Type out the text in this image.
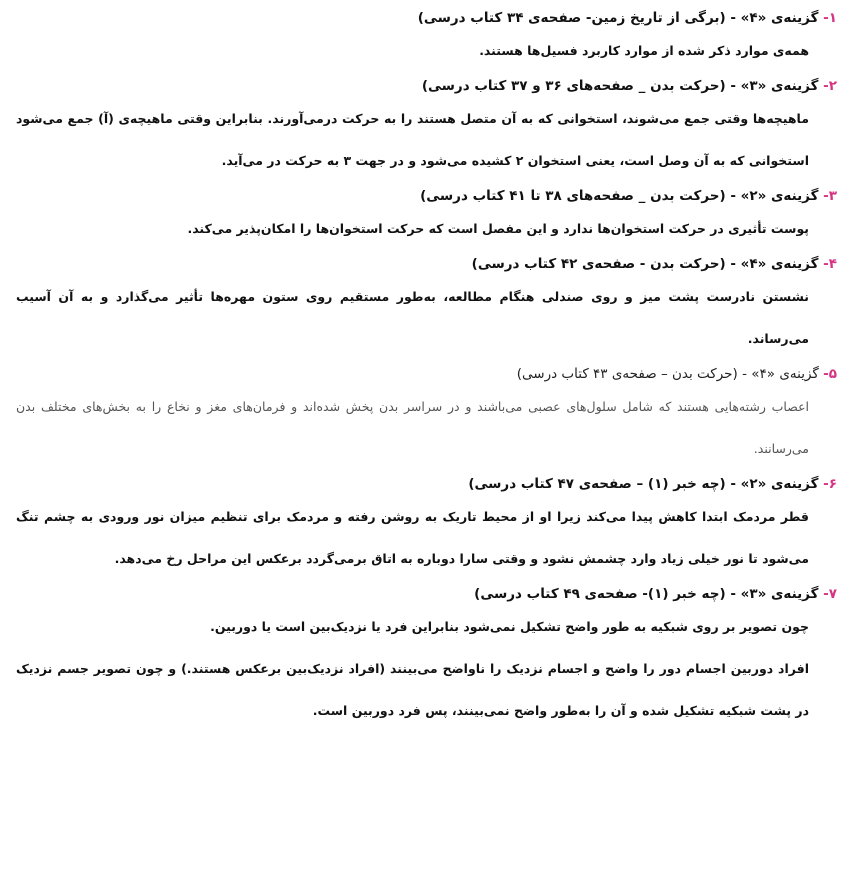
۱- گزینه‌ی «۴» - (برگی از تاریخ زمین- صفحه‌ی ۳۴ کتاب درسی)
همه‌ی موارد ذکر شده از موارد کاربرد فسیل‌ها هستند.
۲- گزینه‌ی «۳» - (حرکت بدن _ صفحه‌های ۳۶ و ۳۷ کتاب درسی)
ماهیچه‌ها وقتی جمع می‌شوند، استخوانی که به آن متصل هستند را به حرکت درمی‌آورند. بنابراین وقتی ماهیچه‌ی (آ) جمع می‌شود استخوانی که به آن وصل است، یعنی استخوان ۲ کشیده می‌شود و در جهت ۳ به حرکت در می‌آید.
۳- گزینه‌ی «۲» - (حرکت بدن _ صفحه‌های ۳۸ تا ۴۱ کتاب درسی)
پوست تأثیری در حرکت استخوان‌ها ندارد و این مفصل است که حرکت استخوان‌ها را امکان‌پذیر می‌کند.
۴- گزینه‌ی «۴» - (حرکت بدن - صفحه‌ی ۴۲ کتاب درسی)
نشستن نادرست پشت میز و روی صندلی هنگام مطالعه، به‌طور مستقیم روی ستون مهره‌ها تأثیر می‌گذارد و به آن آسیب می‌رساند.
۵- گزینه‌ی «۴» - (حرکت بدن – صفحه‌ی ۴۳ کتاب درسی)
اعصاب رشته‌هایی هستند که شامل سلول‌های عصبی می‌باشند و در سراسر بدن پخش شده‌اند و فرمان‌های مغز و نخاع را به بخش‌های مختلف بدن می‌رسانند.
۶- گزینه‌ی «۲» - (چه خبر (۱) – صفحه‌ی ۴۷ کتاب درسی)
قطر مردمک ابتدا کاهش پیدا می‌کند زیرا او از محیط تاریک به روشن رفته و مردمک برای تنظیم میزان نور ورودی به چشم تنگ می‌شود تا نور خیلی زیاد وارد چشمش نشود و وقتی سارا دوباره به اتاق برمی‌گردد برعکس این مراحل رخ می‌دهد.
۷- گزینه‌ی «۳» - (چه خبر (۱)- صفحه‌ی ۴۹ کتاب درسی)
چون تصویر بر روی شبکیه به طور واضح تشکیل نمی‌شود بنابراین فرد یا نزدیک‌بین است یا دوربین.
افراد دوربین اجسام دور را واضح و اجسام نزدیک را ناواضح می‌بینند (افراد نزدیک‌بین برعکس هستند.) و چون تصویر جسم نزدیک در پشت شبکیه تشکیل شده و آن را به‌طور واضح نمی‌بینند، پس فرد دوربین است.
